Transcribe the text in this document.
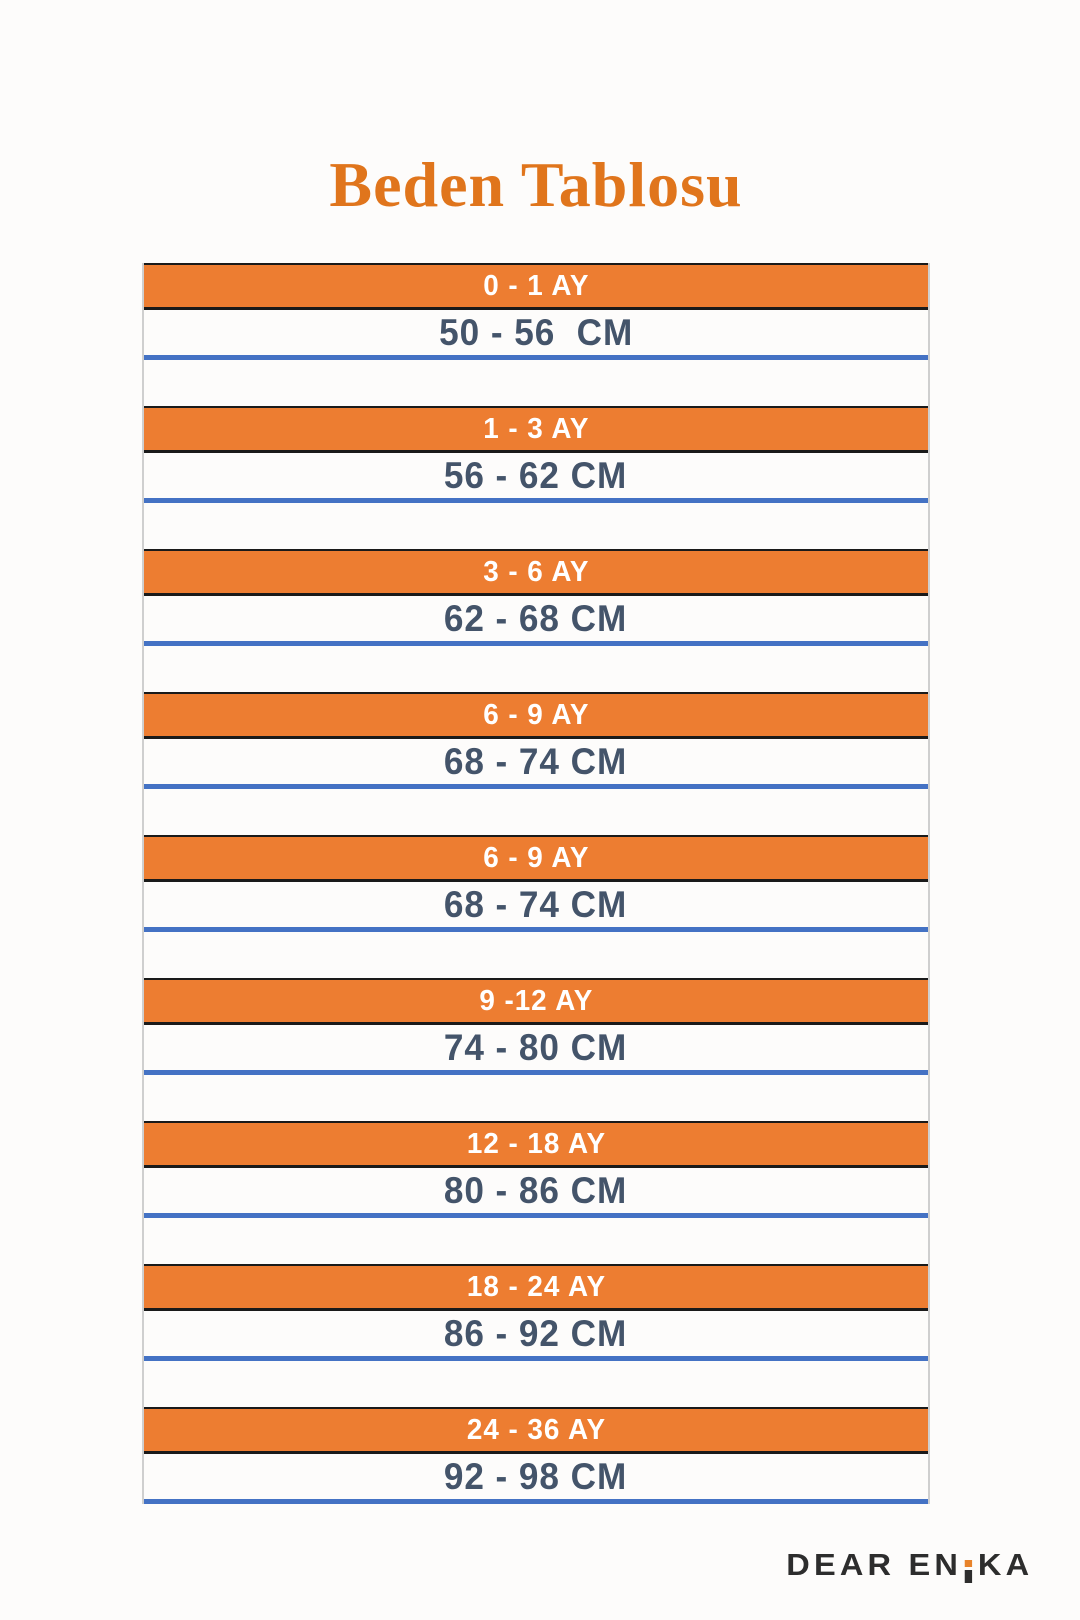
Beden Tablosu
0 - 1 AY
50 - 56  CM
1 - 3 AY
56 - 62 CM
3 - 6 AY
62 - 68 CM
6 - 9 AY
68 - 74 CM
6 - 9 AY
68 - 74 CM
9 -12 AY
74 - 80 CM
12 - 18 AY
80 - 86 CM
18 - 24 AY
86 - 92 CM
24 - 36 AY
92 - 98 CM
DEAR EN KA
